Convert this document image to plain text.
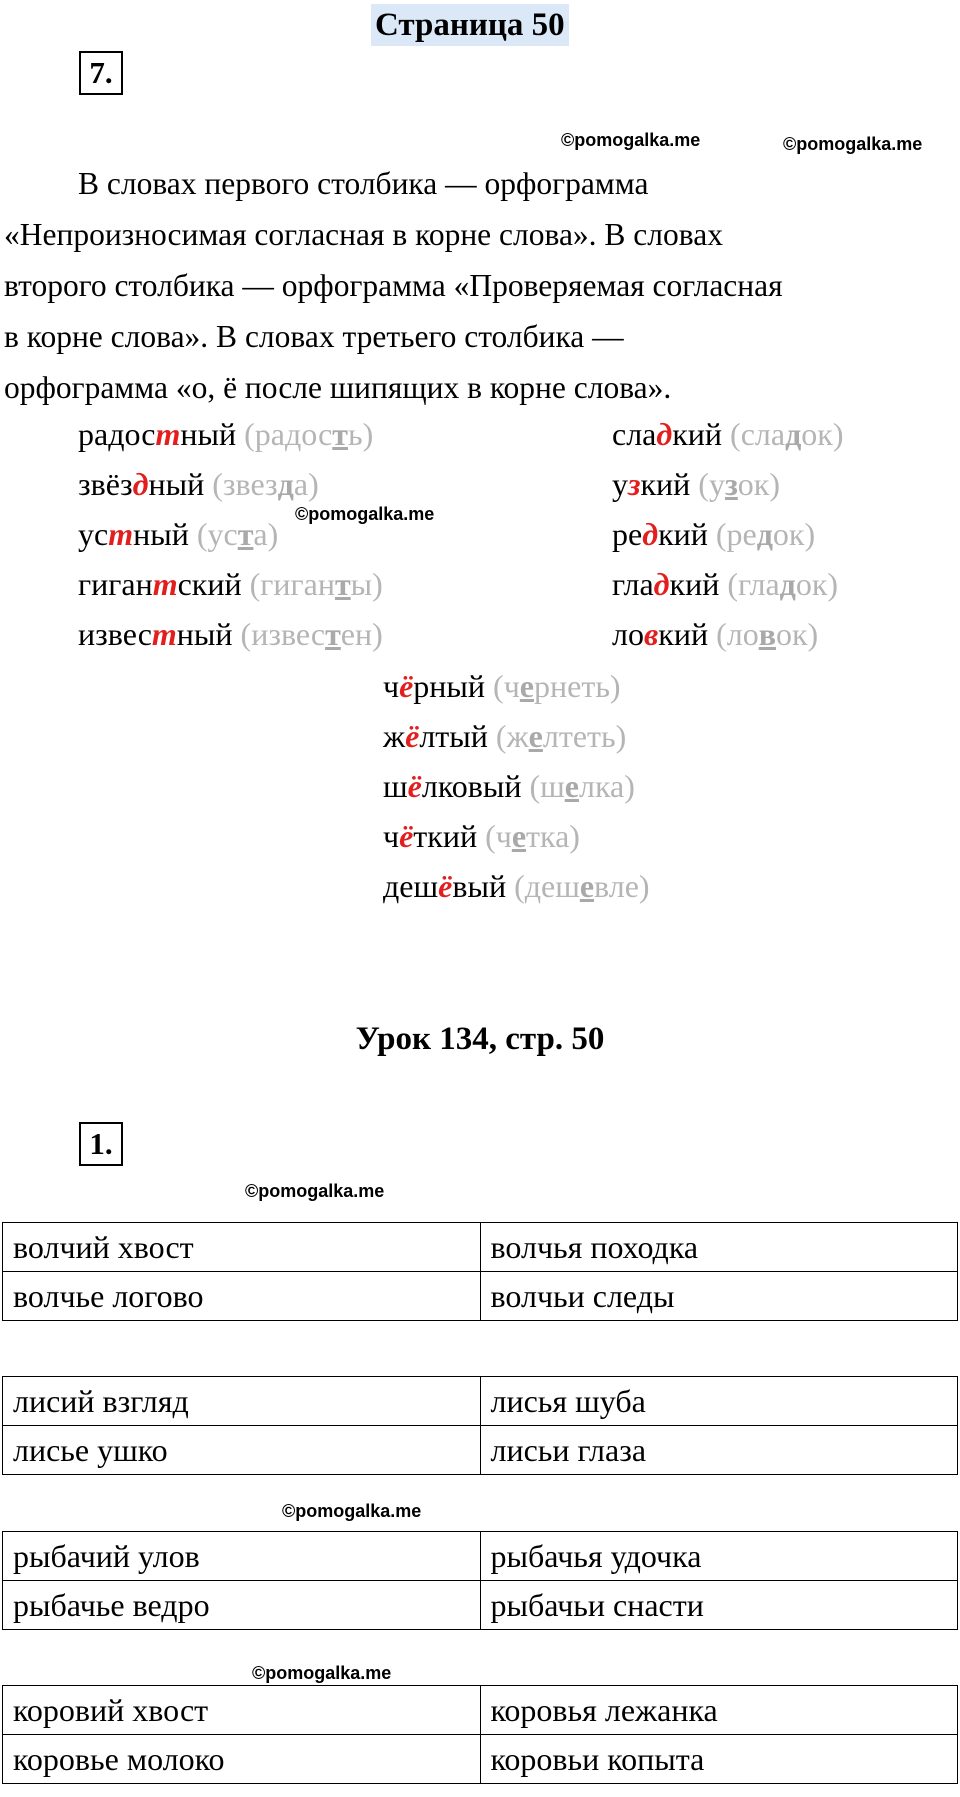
Страница 50
7.
©pomogalka.me	©pomogalka.me
В словах первого столбика — орфограмма
«Непроизносимая согласная в корне слова». В словах
второго столбика — орфограмма «Проверяемая согласная
в корне слова». В словах третьего столбика —
орфограмма «о, ё после шипящих в корне слова».
радостный (радость)
звёздный (звезда)
устный (уста)
гигантский (гиганты)
известный (известен)
сладкий (сладок)
узкий (узок)
редкий (редок)
гладкий (гладок)
ловкий (ловок)
чёрный (чернеть)
жёлтый (желтеть)
шёлковый (шелка)
чёткий (четка)
дешёвый (дешевле)
©pomogalka.me
Урок 134, стр. 50
1.
©pomogalka.me
©pomogalka.me
©pomogalka.me
волчий хвост	волчья походка
волчье логово	волчьи следы
лисий взгляд	лисья шуба
лисье ушко	лисьи глаза
рыбачий улов	рыбачья удочка
рыбачье ведро	рыбачьи снасти
коровий хвост	коровья лежанка
коровье молоко	коровьи копыта
